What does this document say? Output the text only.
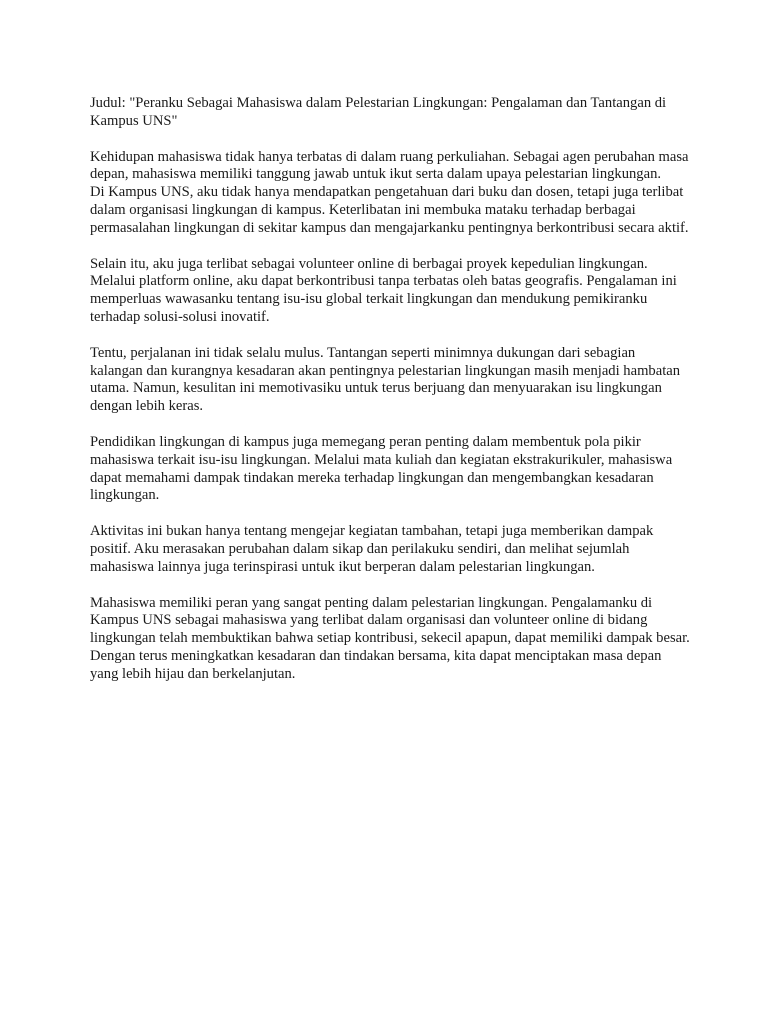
Judul: "Peranku Sebagai Mahasiswa dalam Pelestarian Lingkungan: Pengalaman dan Tantangan di Kampus UNS"

Kehidupan mahasiswa tidak hanya terbatas di dalam ruang perkuliahan. Sebagai agen perubahan masa depan, mahasiswa memiliki tanggung jawab untuk ikut serta dalam upaya pelestarian lingkungan.

Di Kampus UNS, aku tidak hanya mendapatkan pengetahuan dari buku dan dosen, tetapi juga terlibat dalam organisasi lingkungan di kampus. Keterlibatan ini membuka mataku terhadap berbagai permasalahan lingkungan di sekitar kampus dan mengajarkanku pentingnya berkontribusi secara aktif.

Selain itu, aku juga terlibat sebagai volunteer online di berbagai proyek kepedulian lingkungan. Melalui platform online, aku dapat berkontribusi tanpa terbatas oleh batas geografis. Pengalaman ini memperluas wawasanku tentang isu-isu global terkait lingkungan dan mendukung pemikiranku terhadap solusi-solusi inovatif.

Tentu, perjalanan ini tidak selalu mulus. Tantangan seperti minimnya dukungan dari sebagian kalangan dan kurangnya kesadaran akan pentingnya pelestarian lingkungan masih menjadi hambatan utama. Namun, kesulitan ini memotivasiku untuk terus berjuang dan menyuarakan isu lingkungan dengan lebih keras.

Pendidikan lingkungan di kampus juga memegang peran penting dalam membentuk pola pikir mahasiswa terkait isu-isu lingkungan. Melalui mata kuliah dan kegiatan ekstrakurikuler, mahasiswa dapat memahami dampak tindakan mereka terhadap lingkungan dan mengembangkan kesadaran lingkungan.

Aktivitas ini bukan hanya tentang mengejar kegiatan tambahan, tetapi juga memberikan dampak positif. Aku merasakan perubahan dalam sikap dan perilakuku sendiri, dan melihat sejumlah mahasiswa lainnya juga terinspirasi untuk ikut berperan dalam pelestarian lingkungan.

Mahasiswa memiliki peran yang sangat penting dalam pelestarian lingkungan. Pengalamanku di Kampus UNS sebagai mahasiswa yang terlibat dalam organisasi dan volunteer online di bidang lingkungan telah membuktikan bahwa setiap kontribusi, sekecil apapun, dapat memiliki dampak besar. Dengan terus meningkatkan kesadaran dan tindakan bersama, kita dapat menciptakan masa depan yang lebih hijau dan berkelanjutan.
